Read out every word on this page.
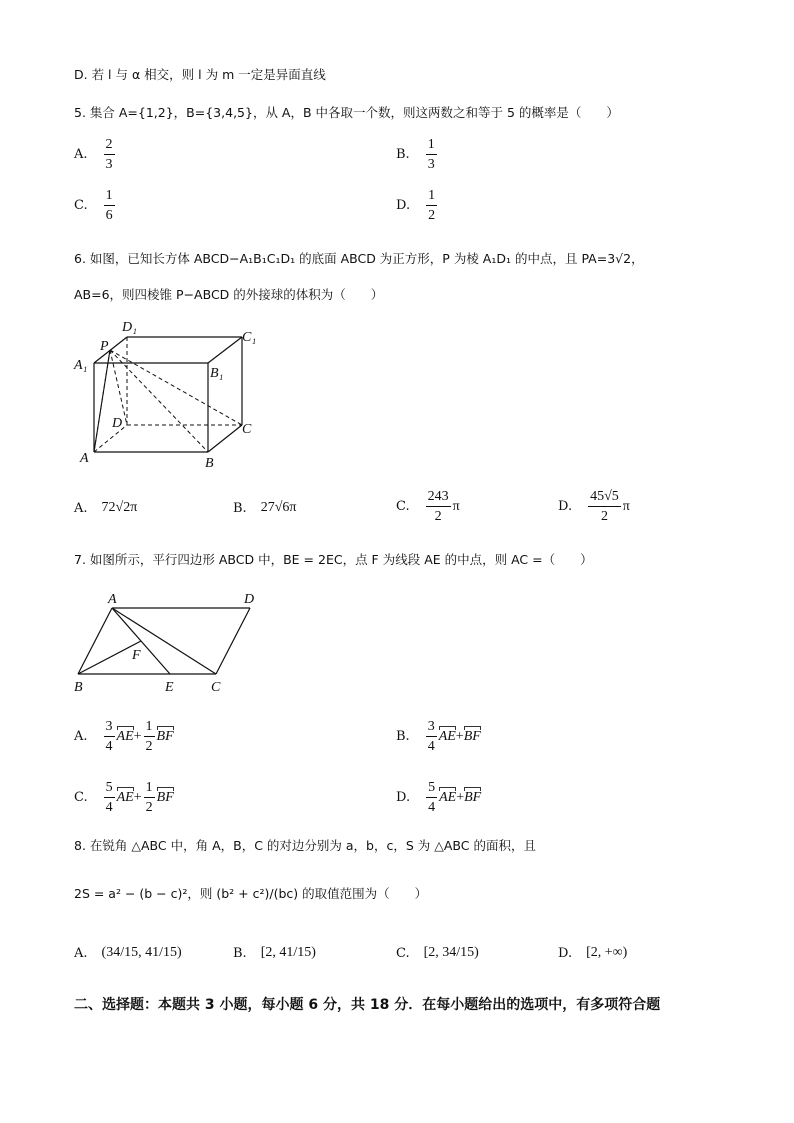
D. 若 l 与 α 相交，则 l 为 m 一定是异面直线
5. 集合 A={1,2}，B={3,4,5}，从 A，B 中各取一个数，则这两数之和等于 5 的概率是（　　）
A. $\frac{2}{3}$	B. $\frac{1}{3}$
C. $\frac{1}{6}$	D. $\frac{1}{2}$
6. 如图，已知长方体 ABCD−A₁B₁C₁D₁ 的底面 ABCD 为正方形，P 为棱 A₁D₁ 的中点，且 PA=3√2，
AB=6，则四棱锥 P−ABCD 的外接球的体积为（　　）
D₁
C₁
A₁
P
B₁
D	C
A	B
A. 72√2π	B. 27√6π	C. $\frac{243}{2}$ π	D. $\frac{45√5}{2}$ π
7. 如图所示，平行四边形 ABCD 中，BE = 2EC，点 F 为线段 AE 的中点，则 AC =（　　）
A	D
F
B	E	C
A. $\frac{3}{4}$ AE + $\frac{1}{2}$ BF	B. $\frac{3}{4}$ AE + BF
C. $\frac{5}{4}$ AE + $\frac{1}{2}$ BF	D. $\frac{5}{4}$ AE + BF
8. 在锐角 △ABC 中，角 A，B，C 的对边分别为 a，b，c，S 为 △ABC 的面积，且
2S = a² − (b − c)²，则 (b² + c²)/(bc) 的取值范围为（　　）
A. (34/15, 41/15)	B. [2, 41/15)	C. [2, 34/15)	D. [2, +∞)
二、选择题：本题共 3 小题，每小题 6 分，共 18 分．在每小题给出的选项中，有多项符合题
